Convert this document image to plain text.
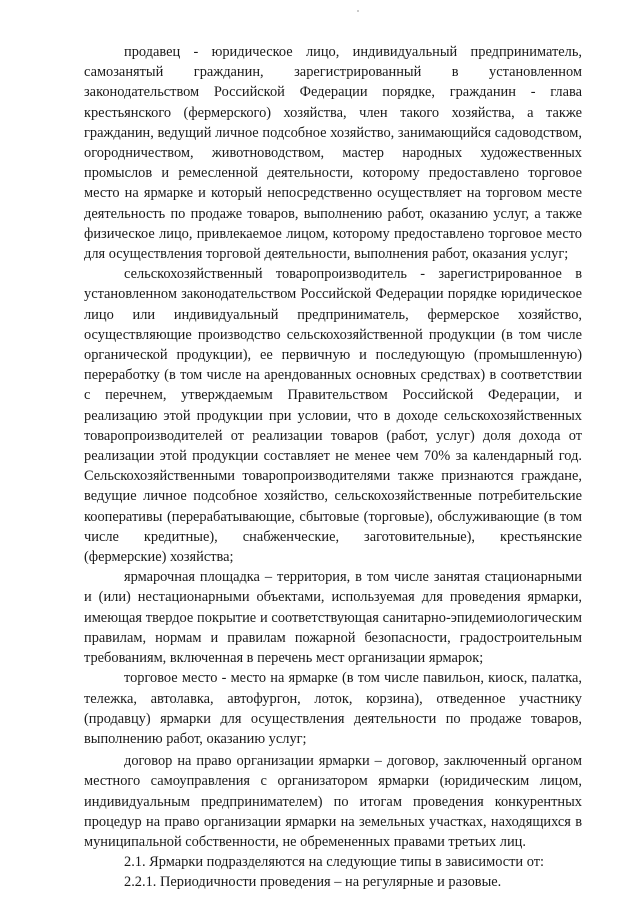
продавец - юридическое лицо, индивидуальный предприниматель, самозанятый гражданин, зарегистрированный в установленном законодательством Российской Федерации порядке, гражданин - глава крестьянского (фермерского) хозяйства, член такого хозяйства, а также гражданин, ведущий личное подсобное хозяйство, занимающийся садоводством, огородничеством, животноводством, мастер народных художественных промыслов и ремесленной деятельности, которому предоставлено торговое место на ярмарке и который непосредственно осуществляет на торговом месте деятельность по продаже товаров, выполнению работ, оказанию услуг, а также физическое лицо, привлекаемое лицом, которому предоставлено торговое место для осуществления торговой деятельности, выполнения работ, оказания услуг;

сельскохозяйственный товаропроизводитель - зарегистрированное в установленном законодательством Российской Федерации порядке юридическое лицо или индивидуальный предприниматель, фермерское хозяйство, осуществляющие производство сельскохозяйственной продукции (в том числе органической продукции), ее первичную и последующую (промышленную) переработку (в том числе на арендованных основных средствах) в соответствии с перечнем, утверждаемым Правительством Российской Федерации, и реализацию этой продукции при условии, что в доходе сельскохозяйственных товаропроизводителей от реализации товаров (работ, услуг) доля дохода от реализации этой продукции составляет не менее чем 70% за календарный год. Сельскохозяйственными товаропроизводителями также признаются граждане, ведущие личное подсобное хозяйство, сельскохозяйственные потребительские кооперативы (перерабатывающие, сбытовые (торговые), обслуживающие (в том числе кредитные), снабженческие, заготовительные), крестьянские (фермерские) хозяйства;

ярмарочная площадка – территория, в том числе занятая стационарными и (или) нестационарными объектами, используемая для проведения ярмарки, имеющая твердое покрытие и соответствующая санитарно-эпидемиологическим правилам, нормам и правилам пожарной безопасности, градостроительным требованиям, включенная в перечень мест организации ярмарок;

торговое место - место на ярмарке (в том числе павильон, киоск, палатка, тележка, автолавка, автофургон, лоток, корзина), отведенное участнику (продавцу) ярмарки для осуществления деятельности по продаже товаров, выполнению работ, оказанию услуг;

договор на право организации ярмарки – договор, заключенный органом местного самоуправления с организатором ярмарки (юридическим лицом, индивидуальным предпринимателем) по итогам проведения конкурентных процедур на право организации ярмарки на земельных участках, находящихся в муниципальной собственности, не обремененных правами третьих лиц.

2.1. Ярмарки подразделяются на следующие типы в зависимости от:

2.2.1. Периодичности проведения – на регулярные и разовые.
